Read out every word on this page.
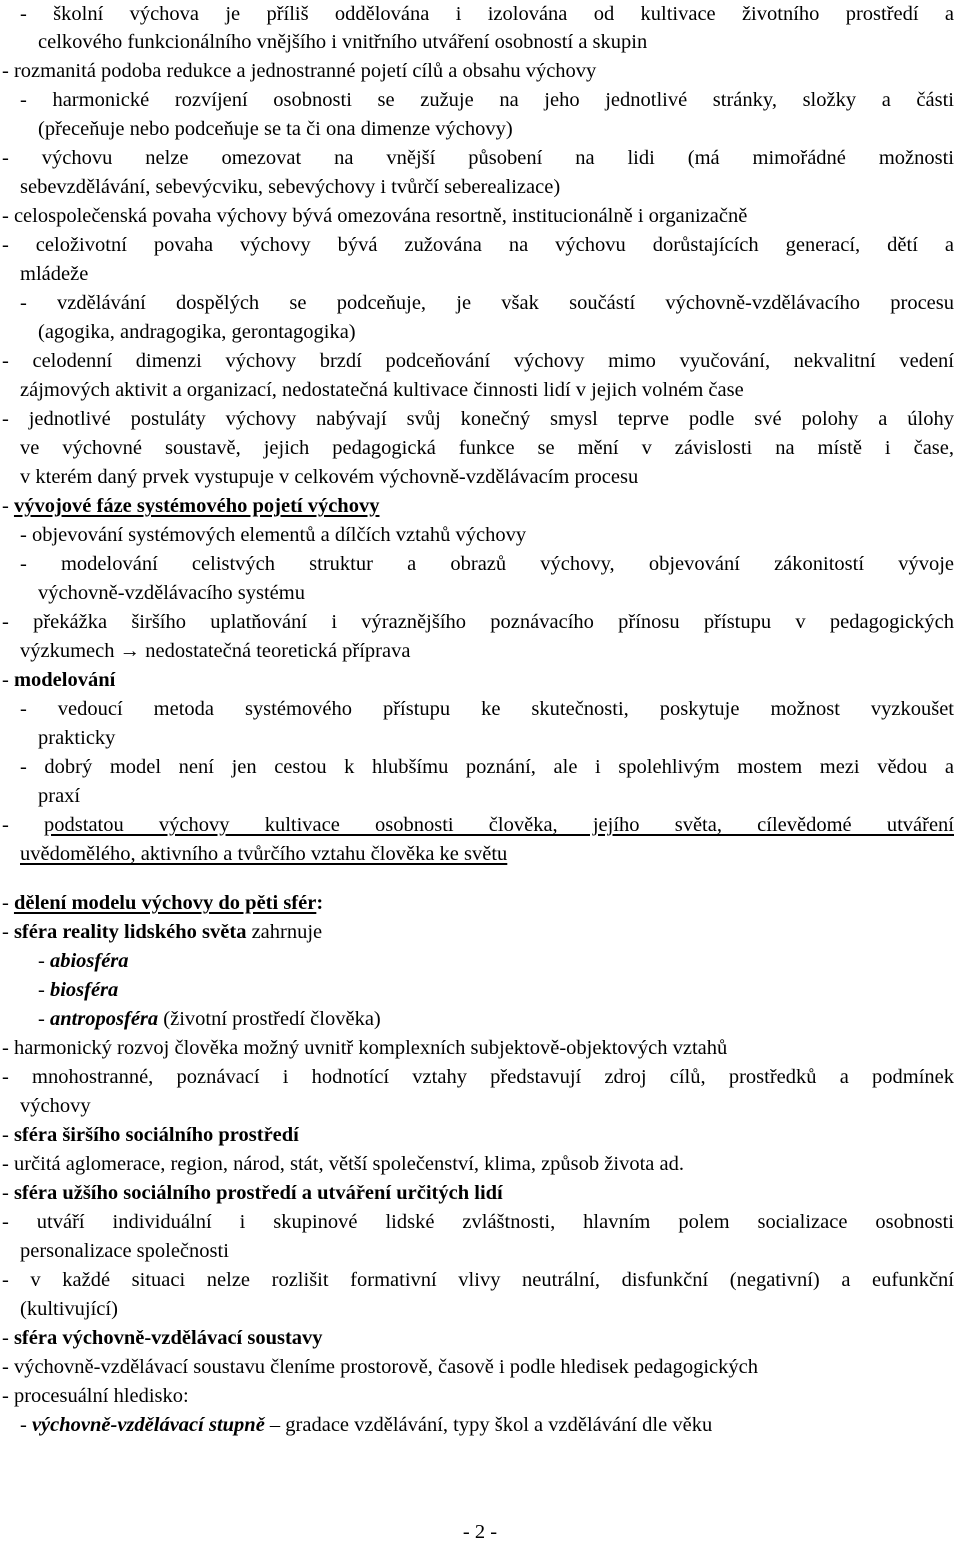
- školní výchova je příliš oddělována i izolována od kultivace životního prostředí a
celkového funkcionálního vnějšího i vnitřního utváření osobností a skupin
- rozmanitá podoba redukce a jednostranné pojetí cílů a obsahu výchovy
- harmonické rozvíjení osobnosti se zužuje na jeho jednotlivé stránky, složky a části
(přeceňuje nebo podceňuje se ta či ona dimenze výchovy)
- výchovu nelze omezovat na vnější působení na lidi (má mimořádné možnosti
sebevzdělávání, sebevýcviku, sebevýchovy i tvůrčí seberealizace)
- celospolečenská povaha výchovy bývá omezována resortně, institucionálně i organizačně
- celoživotní povaha výchovy bývá zužována na výchovu dorůstajících generací, dětí a
mládeže
- vzdělávání dospělých se podceňuje, je však součástí výchovně-vzdělávacího procesu
(agogika, andragogika, gerontagogika)
- celodenní dimenzi výchovy brzdí podceňování výchovy mimo vyučování, nekvalitní vedení
zájmových aktivit a organizací, nedostatečná kultivace činnosti lidí v jejich volném čase
- jednotlivé postuláty výchovy nabývají svůj konečný smysl teprve podle své polohy a úlohy
ve výchovné soustavě, jejich pedagogická funkce se mění v závislosti na místě i čase,
v kterém daný prvek vystupuje v celkovém výchovně-vzdělávacím procesu
- vývojové fáze systémového pojetí výchovy
- objevování systémových elementů a dílčích vztahů výchovy
- modelování celistvých struktur a obrazů výchovy, objevování zákonitostí vývoje
výchovně-vzdělávacího systému
- překážka širšího uplatňování i výraznějšího poznávacího přínosu přístupu v pedagogických
výzkumech → nedostatečná teoretická příprava
- modelování
- vedoucí metoda systémového přístupu ke skutečnosti, poskytuje možnost vyzkoušet
prakticky
- dobrý model není jen cestou k hlubšímu poznání, ale i spolehlivým mostem mezi vědou a
praxí
- podstatou výchovy kultivace osobnosti člověka, jejího světa, cílevědomé utváření
uvědomělého, aktivního a tvůrčího vztahu člověka ke světu
- dělení modelu výchovy do pěti sfér:
- sféra reality lidského světa zahrnuje
- abiosféra
- biosféra
- antroposféra (životní prostředí člověka)
- harmonický rozvoj člověka možný uvnitř komplexních subjektově-objektových vztahů
- mnohostranné, poznávací i hodnotící vztahy představují zdroj cílů, prostředků a podmínek
výchovy
- sféra širšího sociálního prostředí
- určitá aglomerace, region, národ, stát, větší společenství, klima, způsob života ad.
- sféra užšího sociálního prostředí a utváření určitých lidí
- utváří individuální i skupinové lidské zvláštnosti, hlavním polem socializace osobnosti
personalizace společnosti
- v každé situaci nelze rozlišit formativní vlivy neutrální, disfunkční (negativní) a eufunkční
(kultivující)
- sféra výchovně-vzdělávací soustavy
- výchovně-vzdělávací soustavu členíme prostorově, časově i podle hledisek pedagogických
- procesuální hledisko:
- výchovně-vzdělávací stupně – gradace vzdělávání, typy škol a vzdělávání dle věku
- 2 -
